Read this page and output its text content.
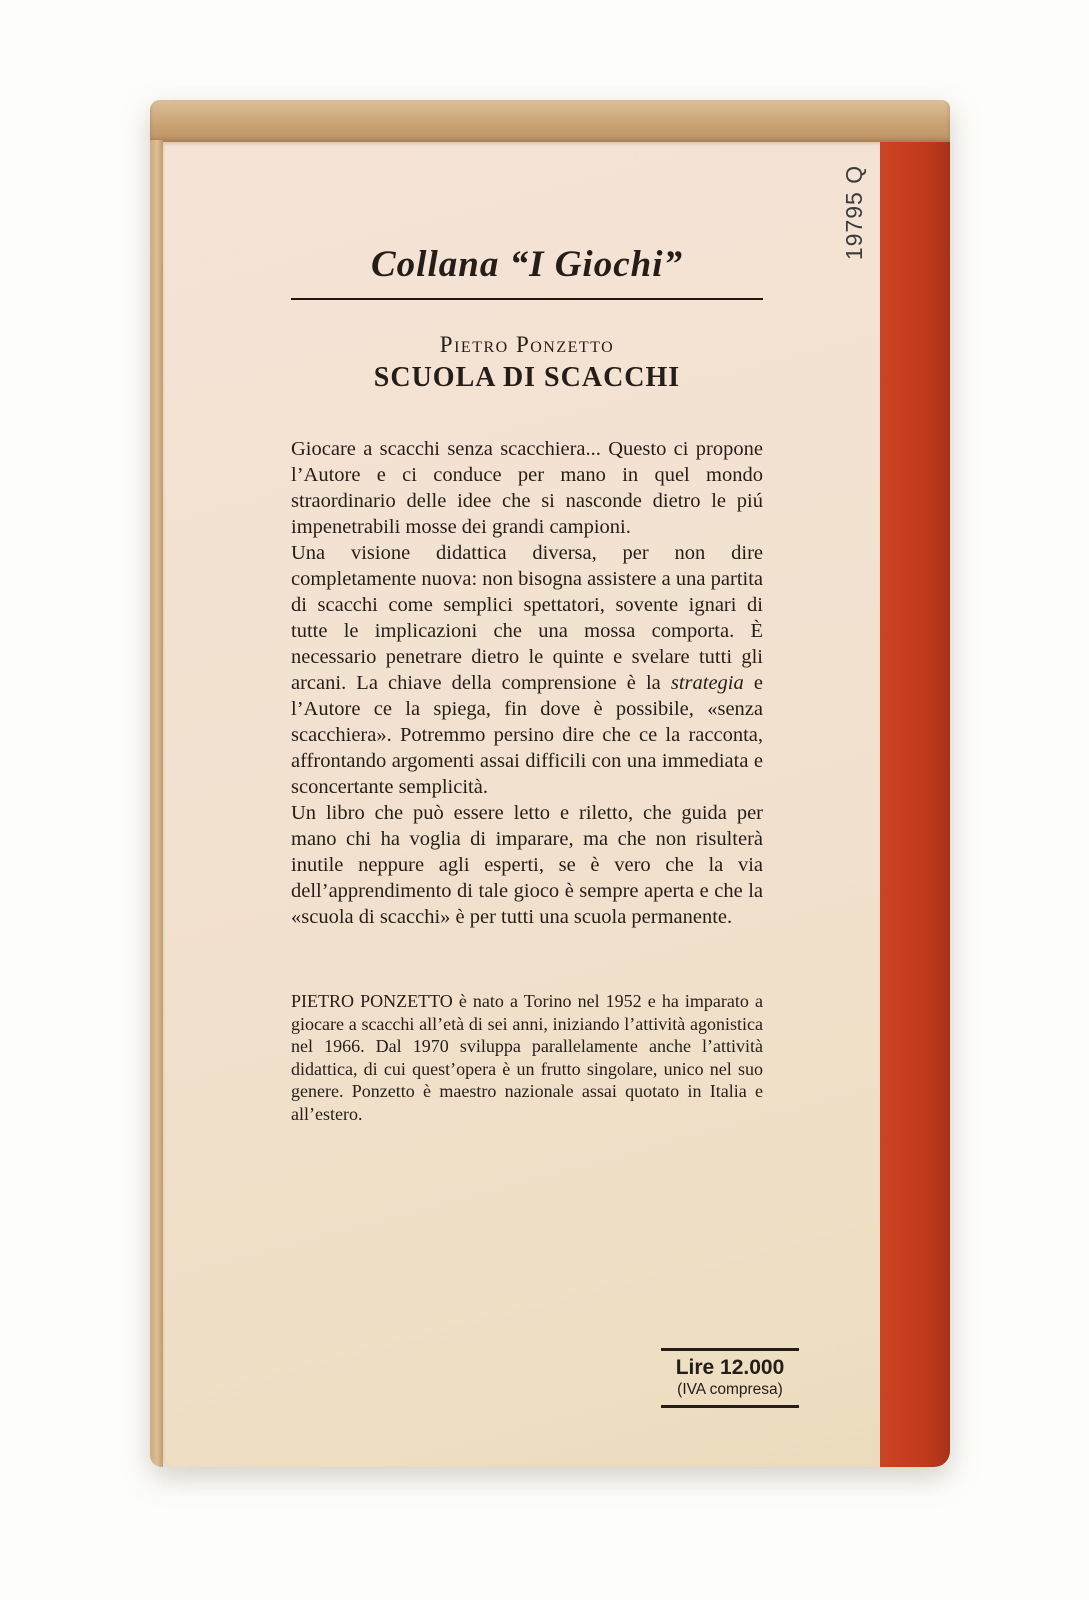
19795 Q
Collana “I Giochi”
Pietro Ponzetto
SCUOLA DI SCACCHI

Giocare a scacchi senza scacchiera... Questo ci propone l’Autore e ci conduce per mano in quel mondo straordinario delle idee che si nasconde dietro le piú impenetrabili mosse dei grandi campioni.

Una visione didattica diversa, per non dire completamente nuova: non bisogna assistere a una partita di scacchi come semplici spettatori, sovente ignari di tutte le implicazioni che una mossa comporta. È necessario penetrare dietro le quinte e svelare tutti gli arcani. La chiave della comprensione è la strategia e l’Autore ce la spiega, fin dove è possibile, «senza scacchiera». Potremmo persino dire che ce la racconta, affrontando argomenti assai difficili con una immediata e sconcertante semplicità.

Un libro che può essere letto e riletto, che guida per mano chi ha voglia di imparare, ma che non risulterà inutile neppure agli esperti, se è vero che la via dell’apprendimento di tale gioco è sempre aperta e che la «scuola di scacchi» è per tutti una scuola permanente.

PIETRO PONZETTO è nato a Torino nel 1952 e ha imparato a giocare a scacchi all’età di sei anni, iniziando l’attività agonistica nel 1966. Dal 1970 sviluppa parallelamente anche l’attività didattica, di cui quest’opera è un frutto singolare, unico nel suo genere. Ponzetto è maestro nazionale assai quotato in Italia e all’estero.

Lire 12.000
(IVA compresa)
